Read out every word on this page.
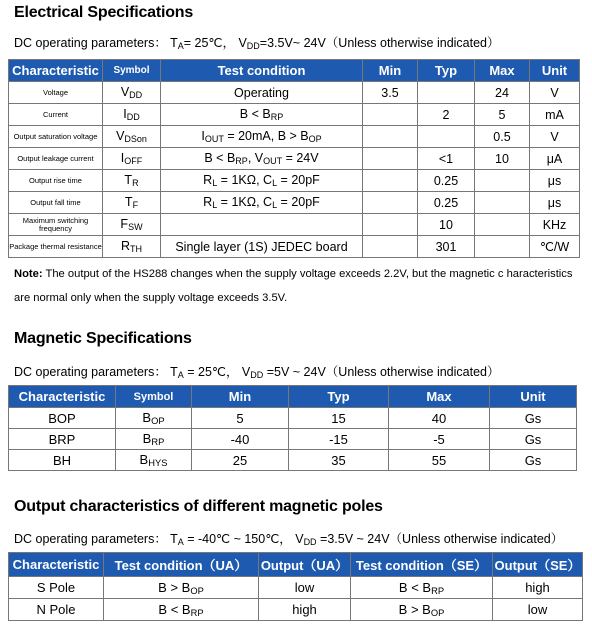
Electrical Specifications
DC operating parameters： $T_A=$ 25℃， $V_{DD}=3.5V\sim$ 24V（Unless otherwise indicated）
Characteristic	Symbol	Test condition	Min	Typ	Max	Unit
Voltage	$V_{DD}$	Operating	3.5		24	V
Current	$I_{DD}$	$B < B_{RP}$		2	5	mA
Output saturation voltage	$V_{DSon}$	$I_{OUT} = 20mA$, $B > B_{OP}$			0.5	V
Output leakage current	$I_{OFF}$	$B < B_{RP}$, $V_{OUT} = 24V$		<1	10	μA
Output rise time	$T_R$	$R_L = 1K\Omega$, $C_L = 20pF$		0.25		μs
Output fall time	$T_F$	$R_L = 1K\Omega$, $C_L = 20pF$		0.25		μs
Maximum switching frequency	$F_{SW}$			10		KHz
Package thermal resistance	$R_{TH}$	Single layer (1S) JEDEC board		301		℃/W
Note: The output of the HS288 changes when the supply voltage exceeds 2.2V, but the magnetic c haracteristics are normal only when the supply voltage exceeds 3.5V.
Magnetic Specifications
DC operating parameters： $T_A$ = 25℃， $V_{DD} =5V$ ~ 24V（Unless otherwise indicated）
Characteristic	Symbol	Min	Typ	Max	Unit
BOP	$B_{OP}$	5	15	40	Gs
BRP	$B_{RP}$	-40	-15	-5	Gs
BH	$B_{HYS}$	25	35	55	Gs
Output characteristics of different magnetic poles
DC operating parameters： $T_A$ = -40℃ ~ 150℃， $V_{DD} =3.5V$ ~ 24V（Unless otherwise indicated）
Characteristic	Test condition（UA）	Output（UA）	Test condition（SE）	Output（SE）
S Pole	$B > B_{OP}$	low	$B < B_{RP}$	high
N Pole	$B < B_{RP}$	high	$B > B_{OP}$	low
